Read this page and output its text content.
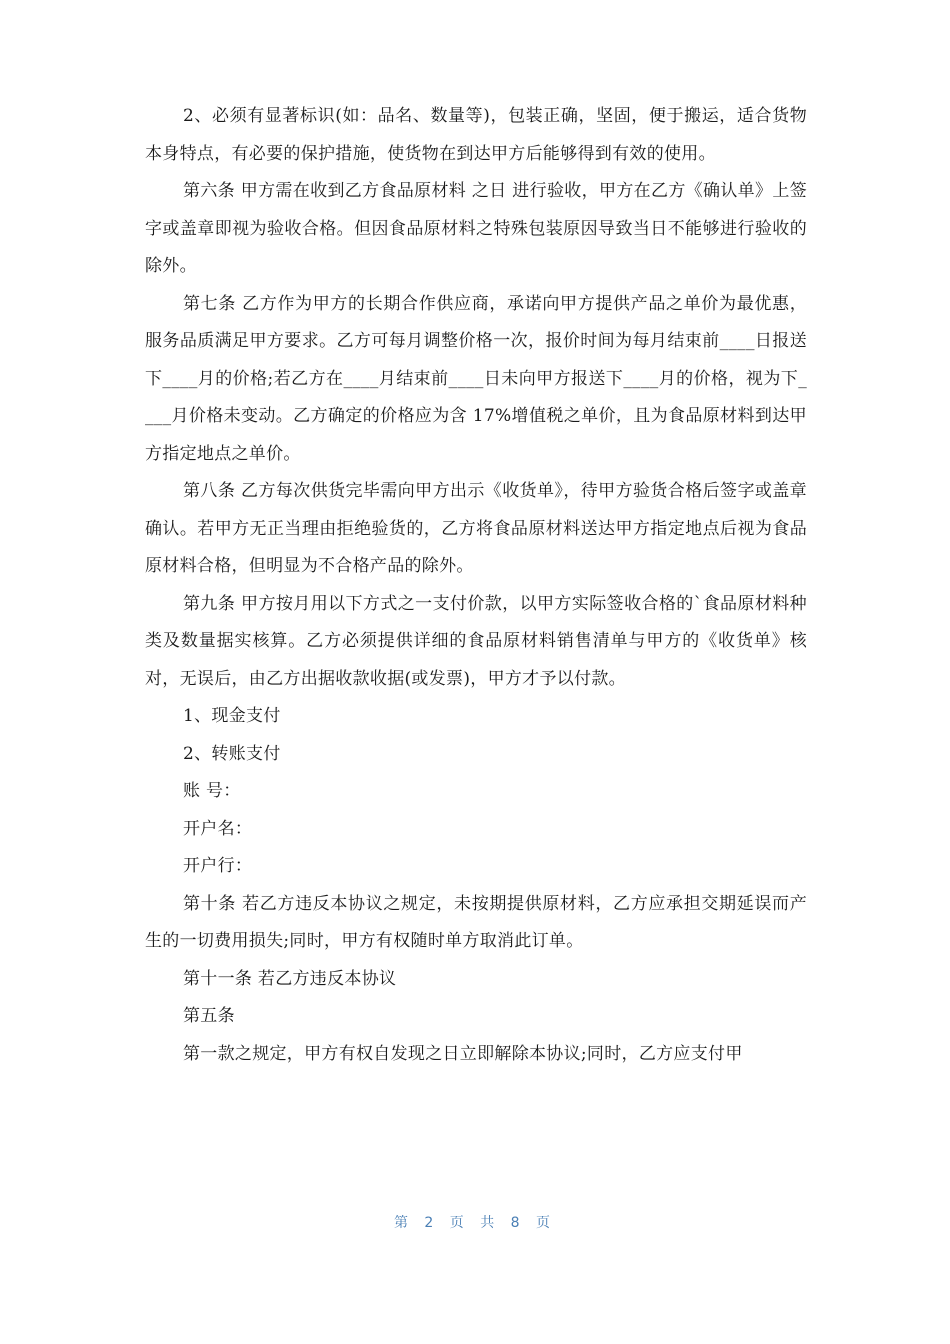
2、必须有显著标识(如：品名、数量等)，包装正确，坚固，便于搬运，适合货物本身特点，有必要的保护措施，使货物在到达甲方后能够得到有效的使用。

第六条 甲方需在收到乙方食品原材料 之日 进行验收，甲方在乙方《确认单》上签字或盖章即视为验收合格。但因食品原材料之特殊包装原因导致当日不能够进行验收的除外。

第七条 乙方作为甲方的长期合作供应商，承诺向甲方提供产品之单价为最优惠，服务品质满足甲方要求。乙方可每月调整价格一次，报价时间为每月结束前____日报送下____月的价格;若乙方在____月结束前____日未向甲方报送下____月的价格，视为下____月价格未变动。乙方确定的价格应为含 17%增值税之单价，且为食品原材料到达甲方指定地点之单价。

第八条 乙方每次供货完毕需向甲方出示《收货单》，待甲方验货合格后签字或盖章确认。若甲方无正当理由拒绝验货的，乙方将食品原材料送达甲方指定地点后视为食品原材料合格，但明显为不合格产品的除外。

第九条 甲方按月用以下方式之一支付价款，以甲方实际签收合格的`食品原材料种类及数量据实核算。乙方必须提供详细的食品原材料销售清单与甲方的《收货单》核对，无误后，由乙方出据收款收据(或发票)，甲方才予以付款。

1、现金支付

2、转账支付

账 号：

开户名：

开户行：

第十条 若乙方违反本协议之规定，未按期提供原材料，乙方应承担交期延误而产生的一切费用损失;同时，甲方有权随时单方取消此订单。

第十一条 若乙方违反本协议

第五条

第一款之规定，甲方有权自发现之日立即解除本协议;同时，乙方应支付甲

第 2 页 共 8 页
